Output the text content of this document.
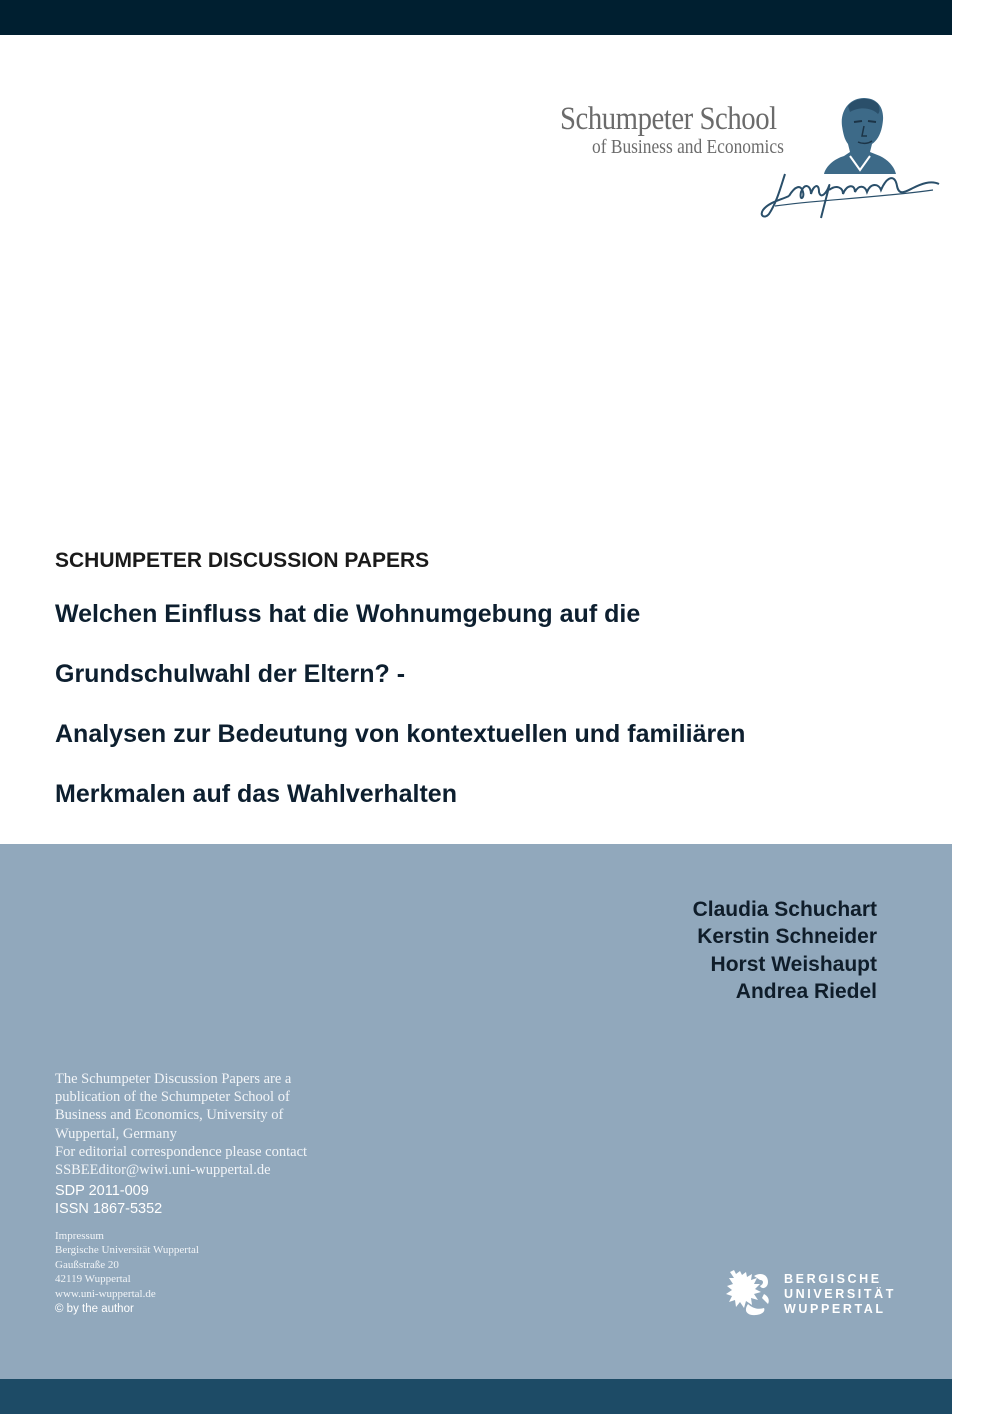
Schumpeter School

of Business and Economics

SCHUMPETER DISCUSSION PAPERS
Welchen Einfluss hat die Wohnumgebung auf die
Grundschulwahl der Eltern? -
Analysen zur Bedeutung von kontextuellen und familiären
Merkmalen auf das Wahlverhalten
Claudia Schuchart
Kerstin Schneider
Horst Weishaupt
Andrea Riedel
The Schumpeter Discussion Papers are a
publication of the Schumpeter School of
Business and Economics, University of
Wuppertal, Germany
For editorial correspondence please contact
SSBEEditor@wiwi.uni-wuppertal.de
SDP 2011-009
ISSN 1867-5352
Impressum
Bergische Universität Wuppertal
Gaußstraße 20
42119 Wuppertal
www.uni-wuppertal.de
© by the author
BERGISCHE
UNIVERSITÄT
WUPPERTAL
